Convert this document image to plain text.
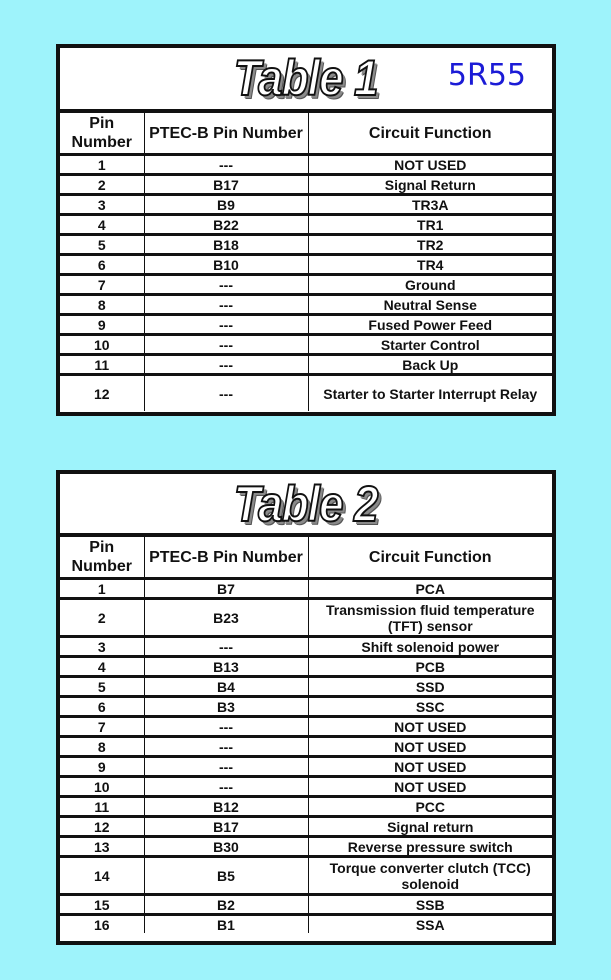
Table 1 5R55
Pin Number	PTEC-B Pin Number	Circuit Function
1	---	NOT USED
2	B17	Signal Return
3	B9	TR3A
4	B22	TR1
5	B18	TR2
6	B10	TR4
7	---	Ground
8	---	Neutral Sense
9	---	Fused Power Feed
10	---	Starter Control
11	---	Back Up
12	---	Starter to Starter Interrupt Relay
Table 2
Pin Number	PTEC-B Pin Number	Circuit Function
1	B7	PCA
2	B23	Transmission fluid temperature (TFT) sensor
3	---	Shift solenoid power
4	B13	PCB
5	B4	SSD
6	B3	SSC
7	---	NOT USED
8	---	NOT USED
9	---	NOT USED
10	---	NOT USED
11	B12	PCC
12	B17	Signal return
13	B30	Reverse pressure switch
14	B5	Torque converter clutch (TCC) solenoid
15	B2	SSB
16	B1	SSA
